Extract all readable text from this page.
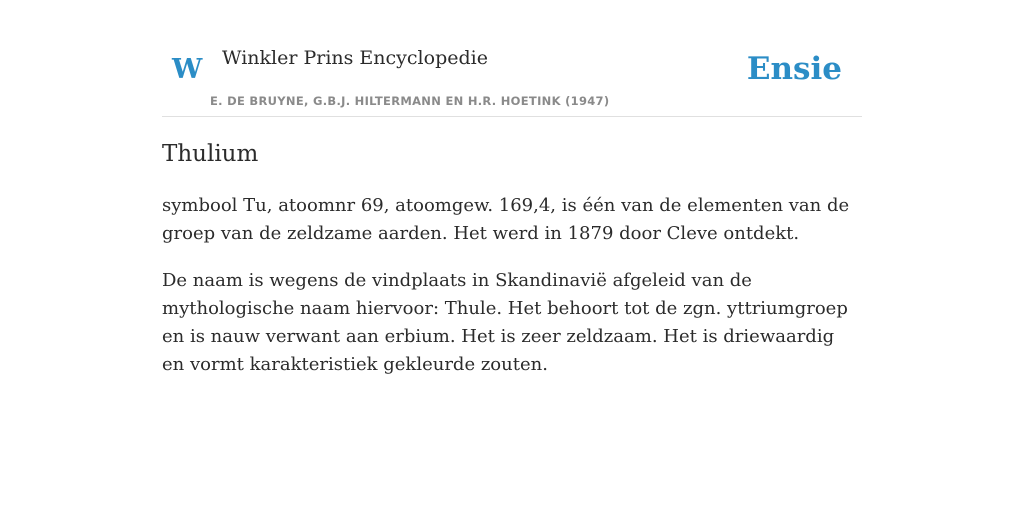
W Winkler Prins Encyclopedie
E. DE BRUYNE, G.B.J. HILTERMANN EN H.R. HOETINK (1947)
Ensie
Thulium

symbool Tu, atoomnr 69, atoomgew. 169,4, is één van de elementen van de groep van de zeldzame aarden. Het werd in 1879 door Cleve ontdekt.

De naam is wegens de vindplaats in Skandinavië afgeleid van de mythologische naam hiervoor: Thule. Het behoort tot de zgn. yttriumgroep en is nauw verwant aan erbium. Het is zeer zeldzaam. Het is driewaardig en vormt karakteristiek gekleurde zouten.
